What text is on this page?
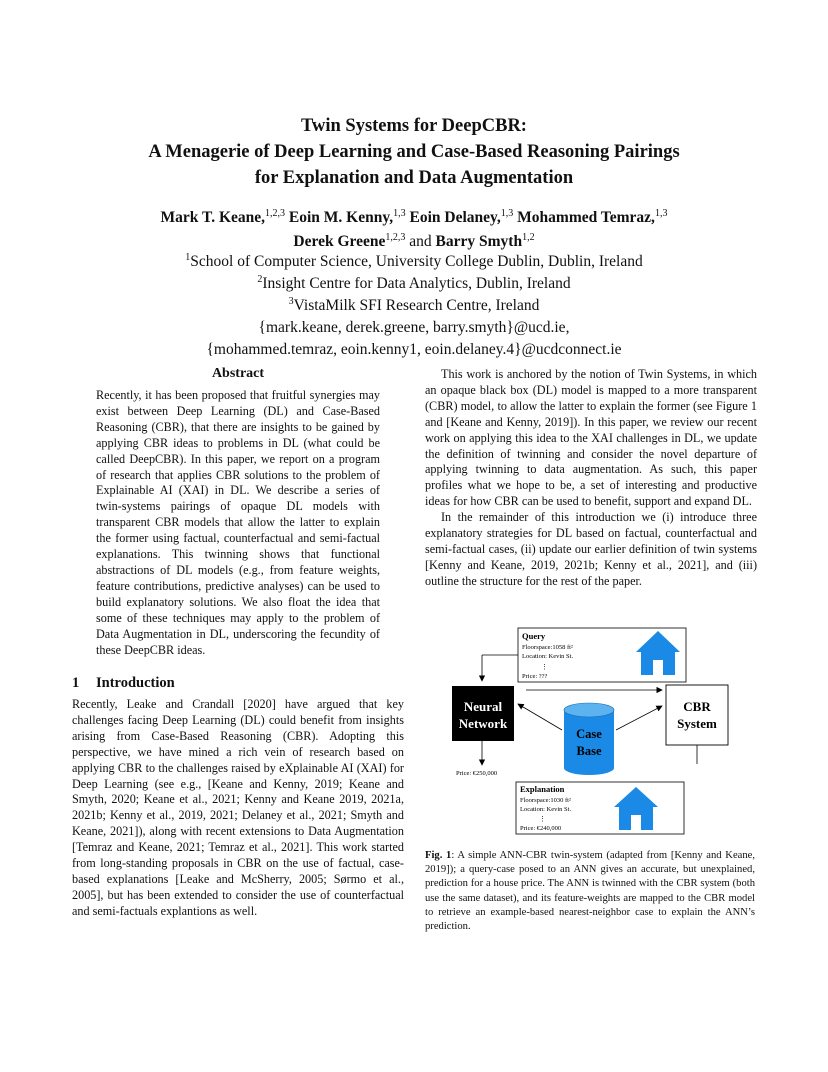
Twin Systems for DeepCBR:
A Menagerie of Deep Learning and Case-Based Reasoning Pairings
for Explanation and Data Augmentation
Mark T. Keane,$^{1,2,3}$ Eoin M. Kenny,$^{1,3}$ Eoin Delaney,$^{1,3}$ Mohammed Temraz,$^{1,3}$
Derek Greene$^{1,2,3}$ and Barry Smyth$^{1,2}$
$^1$School of Computer Science, University College Dublin, Dublin, Ireland
$^2$Insight Centre for Data Analytics, Dublin, Ireland
$^3$VistaMilk SFI Research Centre, Ireland
{mark.keane, derek.greene, barry.smyth}@ucd.ie,
{mohammed.temraz, eoin.kenny1, eoin.delaney.4}@ucdconnect.ie
Abstract
Recently, it has been proposed that fruitful synergies may exist between Deep Learning (DL) and Case-Based Reasoning (CBR), that there are insights to be gained by applying CBR ideas to problems in DL (what could be called DeepCBR). In this paper, we report on a program of research that applies CBR solutions to the problem of Explainable AI (XAI) in DL. We describe a series of twin-systems pairings of opaque DL models with transparent CBR models that allow the latter to explain the former using factual, counterfactual and semi-factual explanations. This twinning shows that functional abstractions of DL models (e.g., from feature weights, feature contributions, predictive analyses) can be used to build explanatory solutions. We also float the idea that some of these techniques may apply to the problem of Data Augmentation in DL, underscoring the fecundity of these DeepCBR ideas.
1 Introduction

Recently, Leake and Crandall [2020] have argued that key challenges facing Deep Learning (DL) could benefit from insights arising from Case-Based Reasoning (CBR). Adopting this perspective, we have mined a rich vein of research based on applying CBR to the challenges raised by eXplainable AI (XAI) for Deep Learning (see e.g., [Keane and Kenny, 2019; Keane and Smyth, 2020; Keane et al., 2021; Kenny and Keane 2019, 2021a, 2021b; Kenny et al., 2019, 2021; Delaney et al., 2021; Smyth and Keane, 2021]), along with recent extensions to Data Augmentation [Temraz and Keane, 2021; Temraz et al., 2021]. This work started from long-standing proposals in CBR on the use of factual, case-based explanations [Leake and McSherry, 2005; Sørmo et al., 2005], but has been extended to consider the use of counterfactual and semi-factuals explantions as well.

This work is anchored by the notion of Twin Systems, in which an opaque black box (DL) model is mapped to a more transparent (CBR) model, to allow the latter to explain the former (see Figure 1 and [Keane and Kenny, 2019]). In this paper, we review our recent work on applying this idea to the XAI challenges in DL, we update the definition of twinning and consider the novel departure of applying twinning to data augmentation. As such, this paper profiles what we hope to be, a set of interesting and productive ideas for how CBR can be used to benefit, support and expand DL.

In the remainder of this introduction we (i) introduce three explanatory strategies for DL based on factual, counterfactual and semi-factual cases, (ii) update our earlier definition of twin systems [Kenny and Keane, 2019, 2021b; Kenny et al., 2021], and (iii) outline the structure for the rest of the paper.

Query
Floorspace:1058 ft²
Location: Kevin St.
⋮
Price: ???
Neural
Network
CBR
System
Case
Base
Price: €250,000
Explanation
Floorspace:1030 ft²
Location: Kevin St.
⋮
Price: €240,000
Fig. 1: A simple ANN-CBR twin-system (adapted from [Kenny and Keane, 2019]); a query-case posed to an ANN gives an accurate, but unexplained, prediction for a house price. The ANN is twinned with the CBR system (both use the same dataset), and its feature-weights are mapped to the CBR model to retrieve an example-based nearest-neighbor case to explain the ANN’s prediction.
